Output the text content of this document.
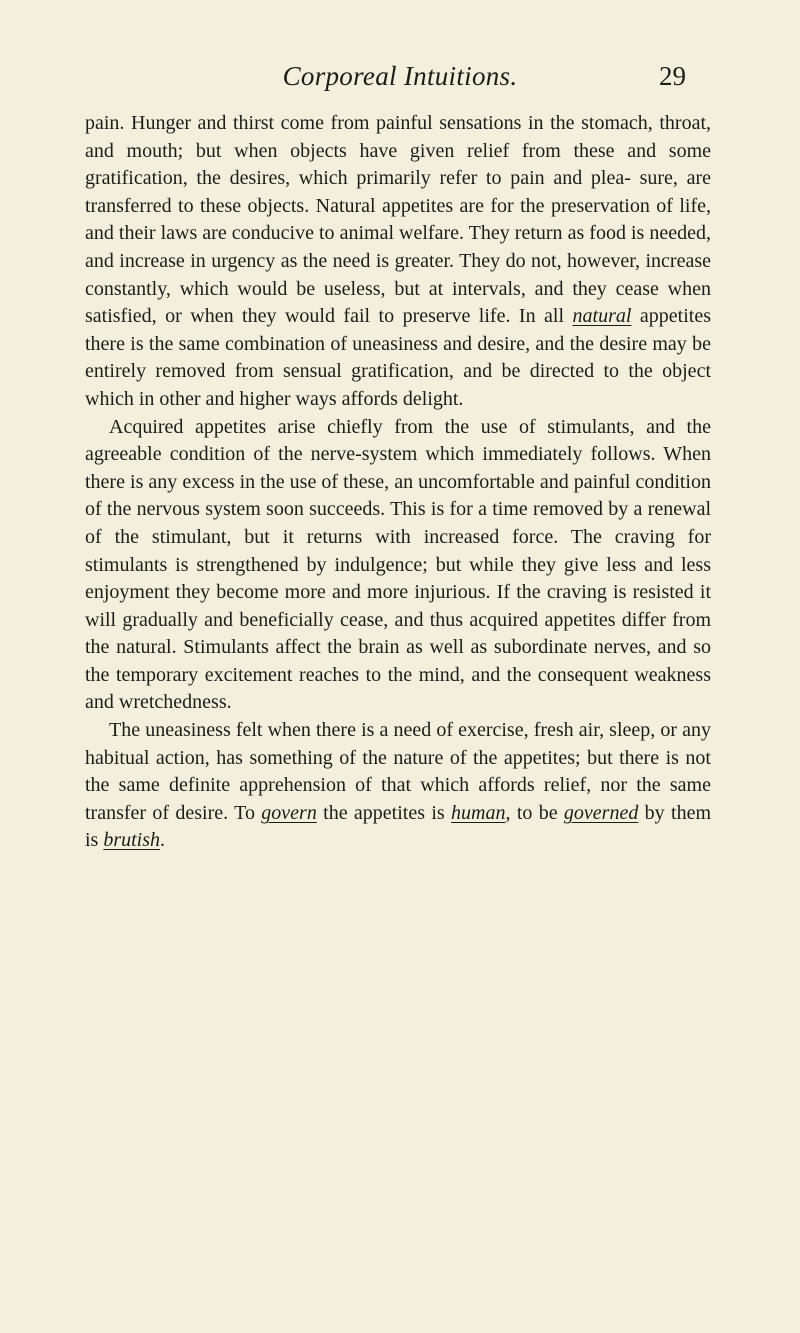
Corporeal Intuitions.	29

pain. Hunger and thirst come from painful sensations in the stomach, throat, and mouth; but when objects have given relief from these and some gratification, the desires, which primarily refer to pain and plea- sure, are transferred to these objects. Natural appetites are for the preservation of life, and their laws are conducive to animal welfare. They return as food is needed, and increase in urgency as the need is greater. They do not, however, increase constantly, which would be useless, but at intervals, and they cease when satisfied, or when they would fail to preserve life. In all natural appetites there is the same combination of uneasiness and desire, and the desire may be entirely removed from sensual gratification, and be directed to the object which in other and higher ways affords delight.

Acquired appetites arise chiefly from the use of stimulants, and the agreeable condition of the nerve-system which immediately follows. When there is any excess in the use of these, an uncomfortable and painful condition of the nervous system soon succeeds. This is for a time removed by a renewal of the stimulant, but it returns with increased force. The craving for stimulants is strengthened by indulgence; but while they give less and less enjoyment they become more and more injurious. If the craving is resisted it will gradually and beneficially cease, and thus acquired appetites differ from the natural. Stimulants affect the brain as well as subordinate nerves, and so the temporary excitement reaches to the mind, and the consequent weakness and wretchedness.

The uneasiness felt when there is a need of exercise, fresh air, sleep, or any habitual action, has something of the nature of the appetites; but there is not the same definite apprehension of that which affords relief, nor the same transfer of desire. To govern the appetites is human, to be governed by them is brutish.
